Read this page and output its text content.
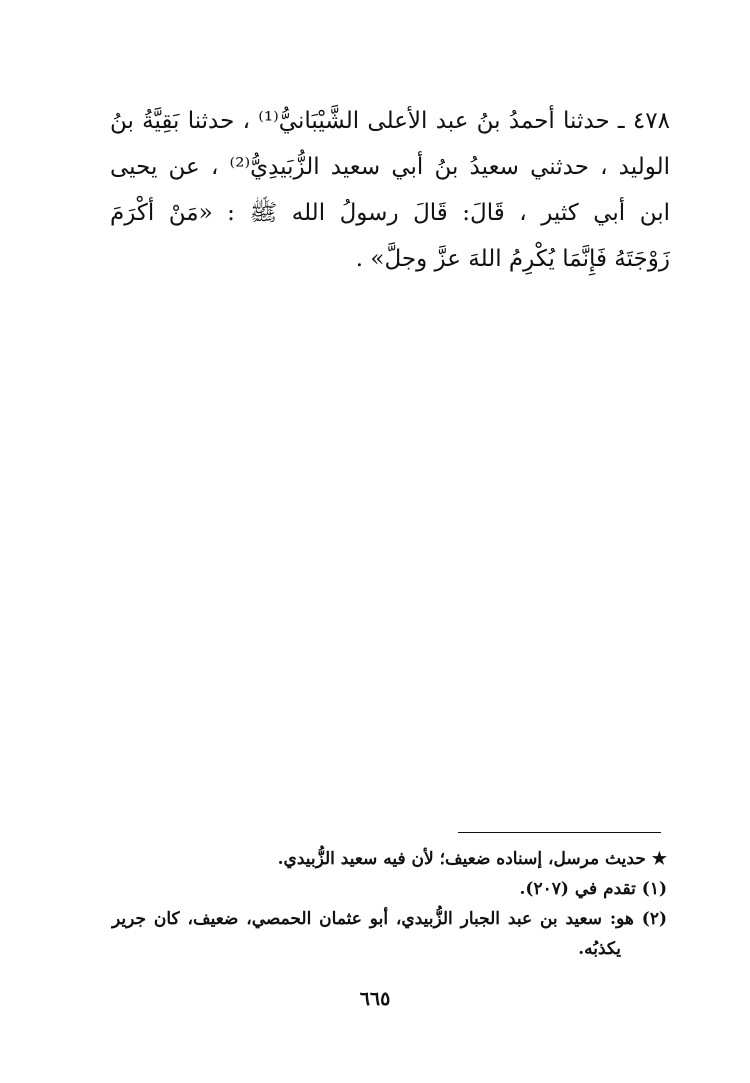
٤٧٨ ـ حدثنا أحمدُ بنُ عبد الأعلى الشَّيْبَانيُّ⁽¹⁾ ، حدثنا بَقِيَّةُ بنُ
الوليد ، حدثني سعيدُ بنُ أبي سعيد الزُّبَيدِيُّ⁽²⁾ ، عن يحيى
ابن أبي كثير ، قَالَ: قَالَ رسولُ الله ﷺ : «مَنْ أكْرَمَ
زَوْجَتَهُ فَإِنَّمَا يُكْرِمُ اللهَ عزَّ وجلَّ» .
★ حديث مرسل، إسناده ضعيف؛ لأن فيه سعيد الزُّبيدي.
(١) تقدم في (٢٠٧).
(٢) هو: سعيد بن عبد الجبار الزُّبيدي، أبو عثمان الحمصي، ضعيف، كان جرير
يكذبُه.
٦٦٥
